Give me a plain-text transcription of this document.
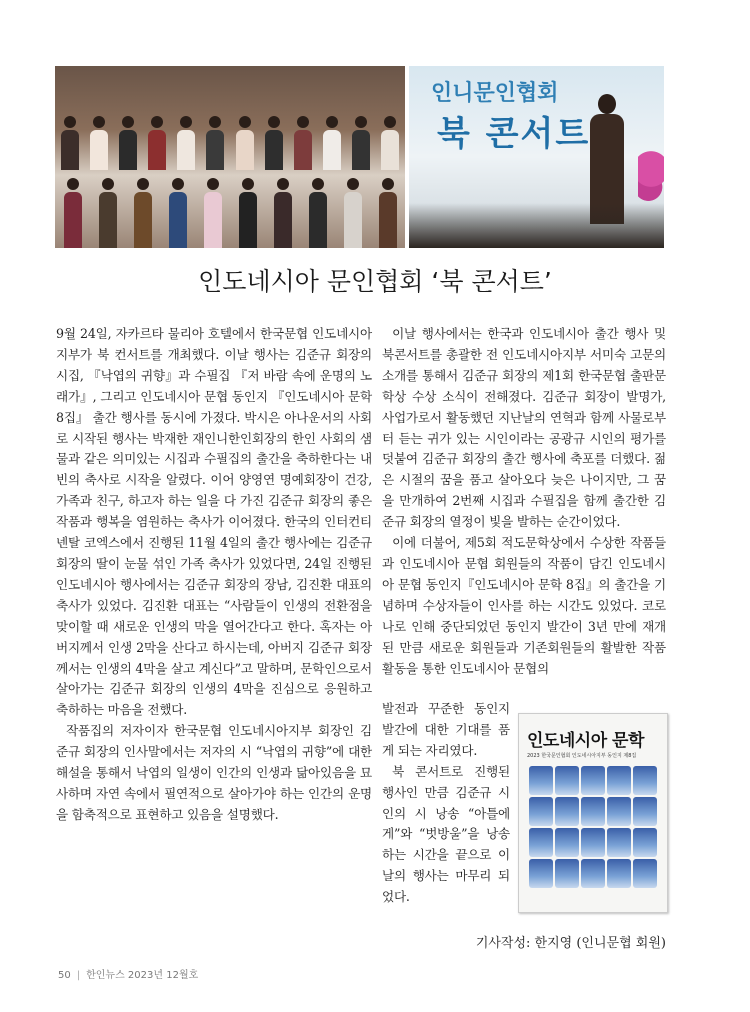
인니문인협회
북 콘서트
인도네시아 문인협회 ‘북 콘서트’

9월 24일, 자카르타 물리아 호텔에서 한국문협 인도네시아지부가 북 컨서트를 개최했다. 이날 행사는 김준규 회장의 시집, 『낙엽의 귀향』과 수필집 『저 바람 속에 운명의 노래가』, 그리고 인도네시아 문협 동인지 『인도네시아 문학 8집』 출간 행사를 동시에 가졌다. 박시은 아나운서의 사회로 시작된 행사는 박재한 재인니한인회장의 한인 사회의 샘물과 같은 의미있는 시집과 수필집의 출간을 축하한다는 내빈의 축사로 시작을 알렸다. 이어 양영연 명예회장이 건강, 가족과 친구, 하고자 하는 일을 다 가진 김준규 회장의 좋은 작품과 행복을 염원하는 축사가 이어졌다. 한국의 인터컨티넨탈 코엑스에서 진행된 11월 4일의 출간 행사에는 김준규 회장의 딸이 눈물 섞인 가족 축사가 있었다면, 24일 진행된 인도네시아 행사에서는 김준규 회장의 장남, 김진환 대표의 축사가 있었다. 김진환 대표는 “사람들이 인생의 전환점을 맞이할 때 새로운 인생의 막을 열어간다고 한다. 혹자는 아버지께서 인생 2막을 산다고 하시는데, 아버지 김준규 회장께서는 인생의 4막을 살고 계신다”고 말하며, 문학인으로서 살아가는 김준규 회장의 인생의 4막을 진심으로 응원하고 축하하는 마음을 전했다.

작품집의 저자이자 한국문협 인도네시아지부 회장인 김준규 회장의 인사말에서는 저자의 시 “낙엽의 귀향”에 대한 해설을 통해서 낙엽의 일생이 인간의 인생과 닮아있음을 묘사하며 자연 속에서 필연적으로 살아가야 하는 인간의 운명을 함축적으로 표현하고 있음을 설명했다.

이날 행사에서는 한국과 인도네시아 출간 행사 및 북콘서트를 총괄한 전 인도네시아지부 서미숙 고문의 소개를 통해서 김준규 회장의 제1회 한국문협 출판문학상 수상 소식이 전해졌다. 김준규 회장이 발명가, 사업가로서 활동했던 지난날의 연혁과 함께 사물로부터 듣는 귀가 있는 시인이라는 공광규 시인의 평가를 덧붙여 김준규 회장의 출간 행사에 축포를 더했다. 젊은 시절의 꿈을 품고 살아오다 늦은 나이지만, 그 꿈을 만개하여 2번째 시집과 수필집을 함께 출간한 김준규 회장의 열정이 빛을 발하는 순간이었다.

이에 더불어, 제5회 적도문학상에서 수상한 작품들과 인도네시아 문협 회원들의 작품이 담긴 인도네시아 문협 동인지『인도네시아 문학 8집』의 출간을 기념하며 수상자들이 인사를 하는 시간도 있었다. 코로나로 인해 중단되었던 동인지 발간이 3년 만에 재개된 만큼 새로운 회원들과 기존회원들의 활발한 작품 활동을 통한 인도네시아 문협의

발전과 꾸준한 동인지 발간에 대한 기대를 품게 되는 자리였다.

북 콘서트로 진행된 행사인 만큼 김준규 시인의 시 낭송 “아틀에게”와 “벗방울”을 낭송하는 시간을 끝으로 이날의 행사는 마무리 되었다.

인도네시아 문학
2023 한국문인협회 인도네시아지부 동인지 제8집
기사작성: 한지영 (인니문협 회원)
50 | 한인뉴스 2023년 12월호
